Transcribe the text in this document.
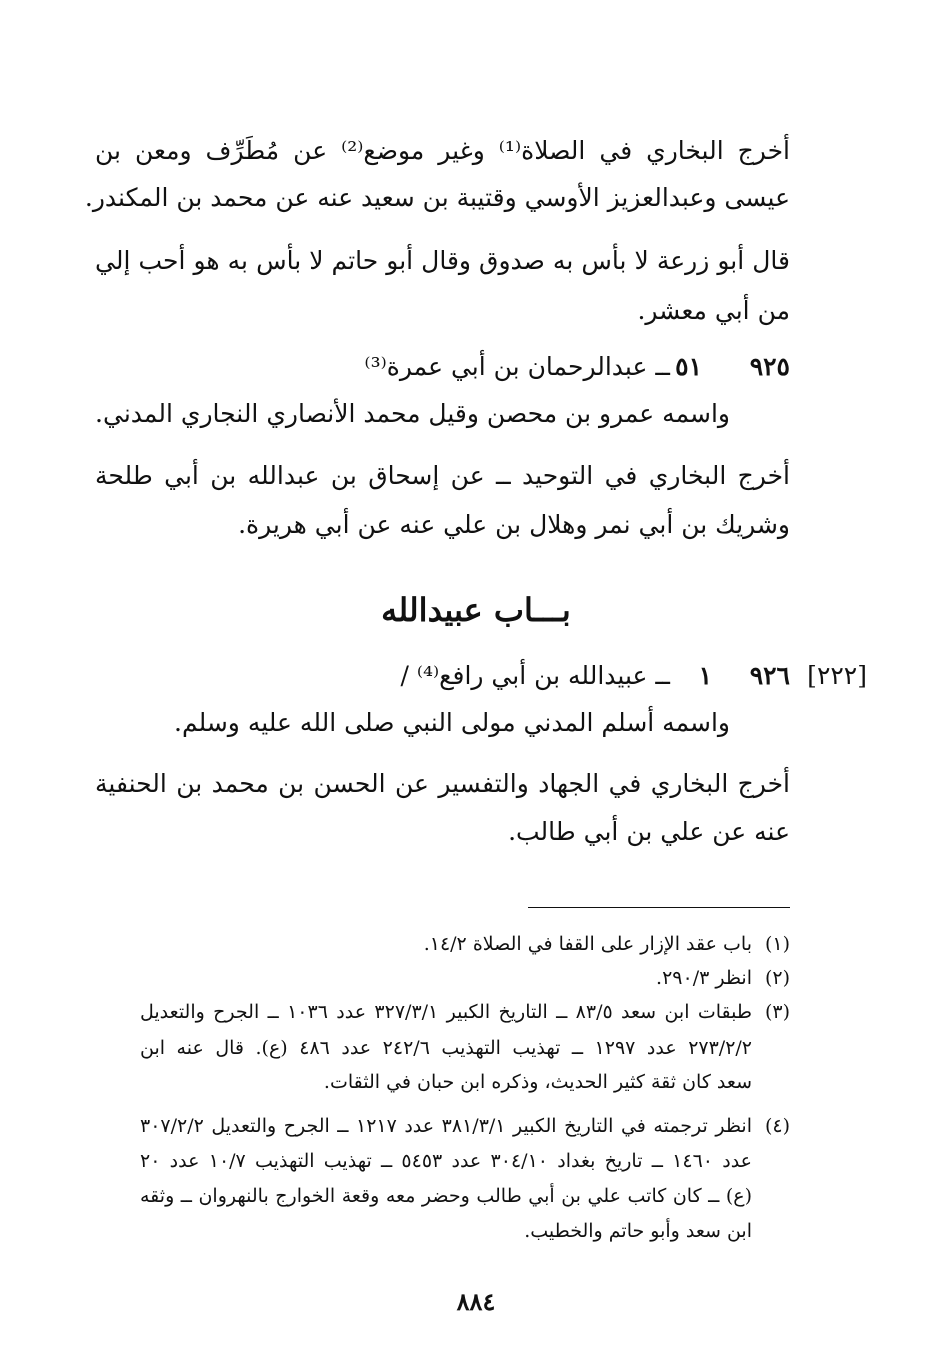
أخرج البخاري في الصلاة⁽¹⁾ وغير موضع⁽²⁾ عن مُطَرِّف ومعن بن

عيسى وعبدالعزيز الأوسي وقتيبة بن سعيد عنه عن محمد بن المكندر.

قال أبو زرعة لا بأس به صدوق وقال أبو حاتم لا بأس به هو أحب إلي

من أبي معشر.

٩٢٥
٥١
ــ عبدالرحمان بن أبي عمرة⁽³⁾

واسمه عمرو بن محصن وقيل محمد الأنصاري النجاري المدني.

أخرج البخاري في التوحيد ــ عن إسحاق بن عبدالله بن أبي طلحة

وشريك بن أبي نمر وهلال بن علي عنه عن أبي هريرة.

بـــاب عبيدالله
[٢٢٢]
٩٢٦
١
ــ عبيدالله بن أبي رافع⁽⁴⁾ /

واسمه أسلم المدني مولى النبي صلى الله عليه وسلم.

أخرج البخاري في الجهاد والتفسير عن الحسن بن محمد بن الحنفية

عنه عن علي بن أبي طالب.

(١)
باب عقد الإزار على القفا في الصلاة ١٤/٢.
(٢)
انظر ٢٩٠/٣.
(٣)
طبقات ابن سعد ٨٣/٥ ــ التاريخ الكبير ٣٢٧/٣/١ عدد ١٠٣٦ ــ الجرح والتعديل
٢٧٣/٢/٢ عدد ١٢٩٧ ــ تهذيب التهذيب ٢٤٢/٦ عدد ٤٨٦ (ع). قال عنه ابن
سعد كان ثقة كثير الحديث، وذكره ابن حبان في الثقات.
(٤)
انظر ترجمته في التاريخ الكبير ٣٨١/٣/١ عدد ١٢١٧ ــ الجرح والتعديل ٣٠٧/٢/٢
عدد ١٤٦٠ ــ تاريخ بغداد ٣٠٤/١٠ عدد ٥٤٥٣ ــ تهذيب التهذيب ١٠/٧ عدد ٢٠
(ع) ــ كان كاتب علي بن أبي طالب وحضر معه وقعة الخوارج بالنهروان ــ وثقه
ابن سعد وأبو حاتم والخطيب.
٨٨٤
